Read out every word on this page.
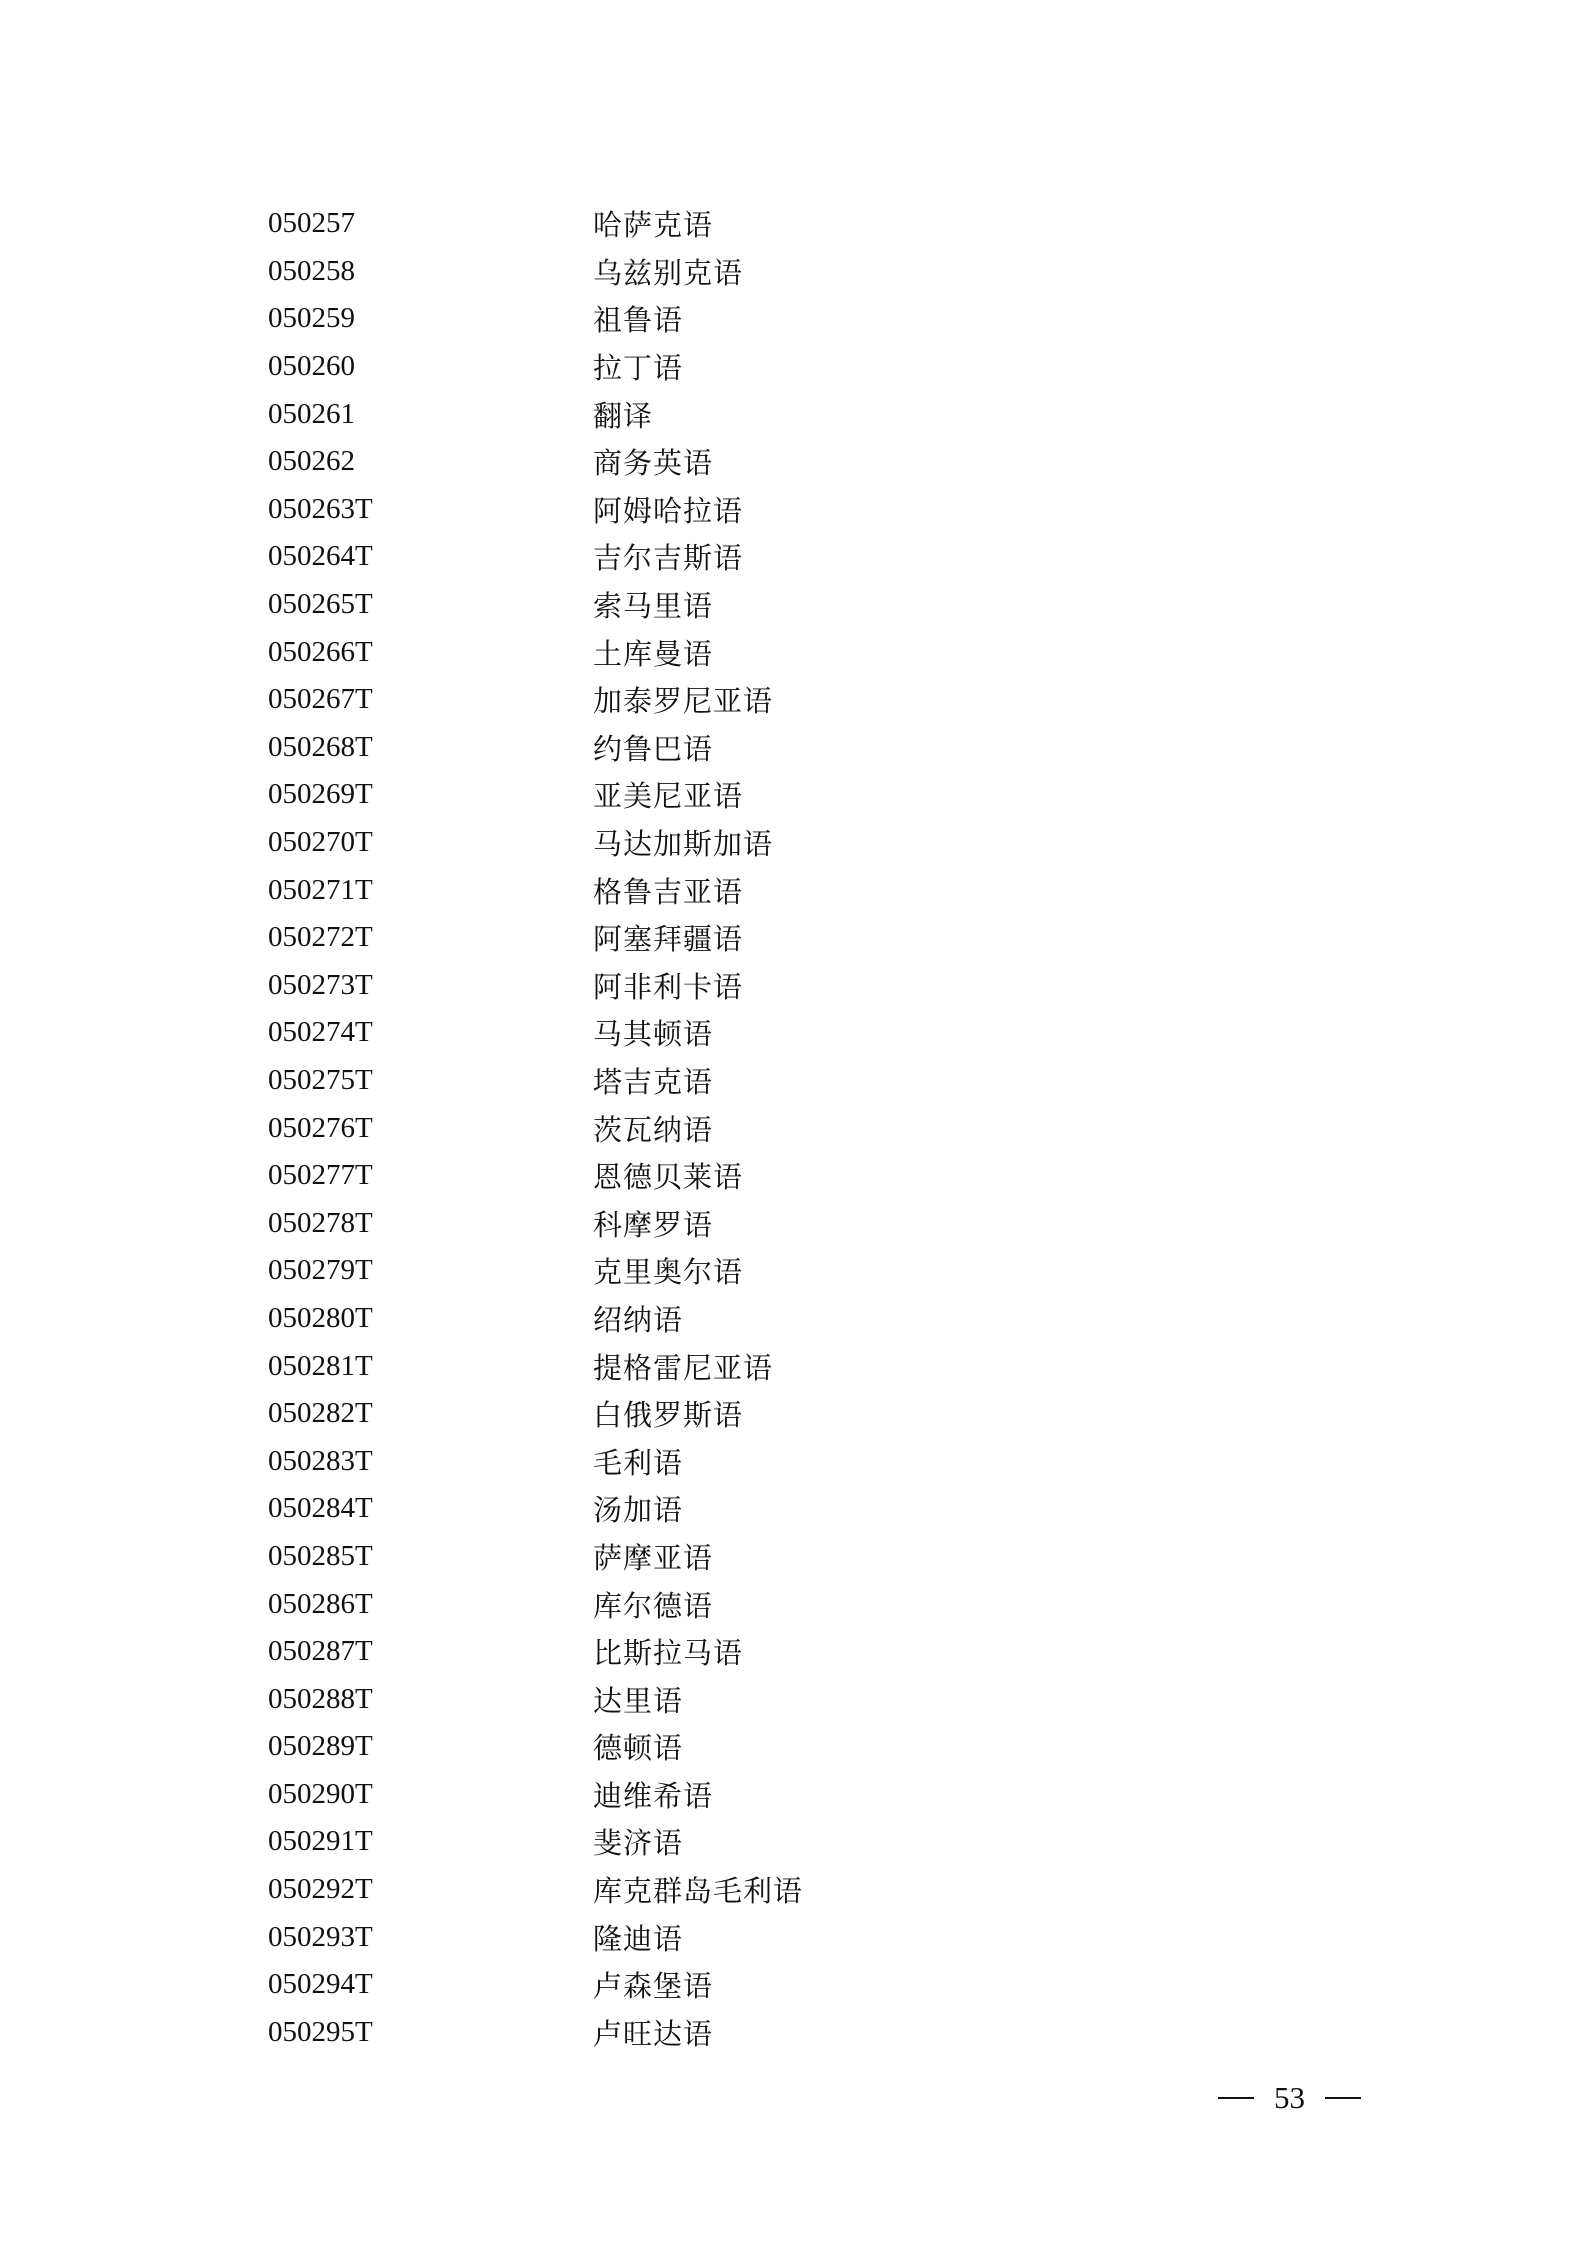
050257	哈萨克语
050258	乌兹别克语
050259	祖鲁语
050260	拉丁语
050261	翻译
050262	商务英语
050263T	阿姆哈拉语
050264T	吉尔吉斯语
050265T	索马里语
050266T	土库曼语
050267T	加泰罗尼亚语
050268T	约鲁巴语
050269T	亚美尼亚语
050270T	马达加斯加语
050271T	格鲁吉亚语
050272T	阿塞拜疆语
050273T	阿非利卡语
050274T	马其顿语
050275T	塔吉克语
050276T	茨瓦纳语
050277T	恩德贝莱语
050278T	科摩罗语
050279T	克里奥尔语
050280T	绍纳语
050281T	提格雷尼亚语
050282T	白俄罗斯语
050283T	毛利语
050284T	汤加语
050285T	萨摩亚语
050286T	库尔德语
050287T	比斯拉马语
050288T	达里语
050289T	德顿语
050290T	迪维希语
050291T	斐济语
050292T	库克群岛毛利语
050293T	隆迪语
050294T	卢森堡语
050295T	卢旺达语
53
